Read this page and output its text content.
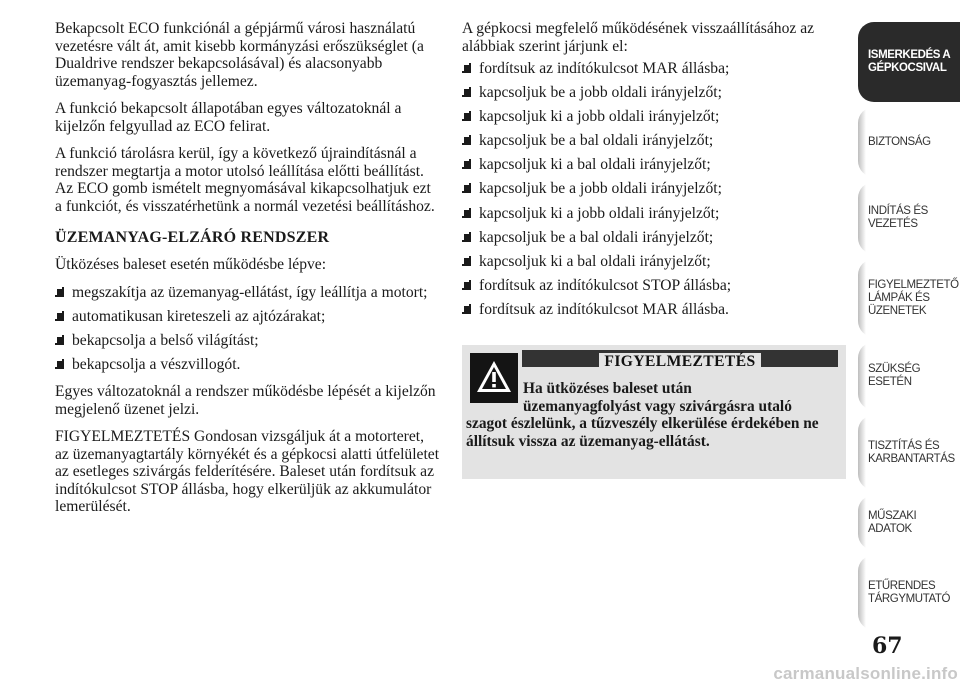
Bekapcsolt ECO funkciónál a gépjármű városi használatú vezetésre vált át, amit kisebb kormányzási erőszükséglet (a Dualdrive rendszer bekapcsolásával) és alacsonyabb üzemanyag-fogyasztás jellemez.

A funkció bekapcsolt állapotában egyes változatoknál a kijelzőn felgyullad az ECO felirat.

A funkció tárolásra kerül, így a következő újraindításnál a rendszer megtartja a motor utolsó leállítása előtti beállítást. Az ECO gomb ismételt megnyomásával kikapcsolhatjuk ezt a funkciót, és visszatérhetünk a normál vezetési beállításhoz.

ÜZEMANYAG-ELZÁRÓ RENDSZER

Ütközéses baleset esetén működésbe lépve:

megszakítja az üzemanyag-ellátást, így leállítja a motort;
automatikusan kireteszeli az ajtózárakat;
bekapcsolja a belső világítást;
bekapcsolja a vészvillogót.

Egyes változatoknál a rendszer működésbe lépését a kijelzőn megjelenő üzenet jelzi.

FIGYELMEZTETÉS Gondosan vizsgáljuk át a motorteret, az üzemanyagtartály környékét és a gépkocsi alatti útfelületet az esetleges szivárgás felderítésére. Baleset után fordítsuk az indítókulcsot STOP állásba, hogy elkerüljük az akkumulátor lemerülését.

A gépkocsi megfelelő működésének visszaállításához az alábbiak szerint járjunk el:

fordítsuk az indítókulcsot MAR állásba;
kapcsoljuk be a jobb oldali irányjelzőt;
kapcsoljuk ki a jobb oldali irányjelzőt;
kapcsoljuk be a bal oldali irányjelzőt;
kapcsoljuk ki a bal oldali irányjelzőt;
kapcsoljuk be a jobb oldali irányjelzőt;
kapcsoljuk ki a jobb oldali irányjelzőt;
kapcsoljuk be a bal oldali irányjelzőt;
kapcsoljuk ki a bal oldali irányjelzőt;
fordítsuk az indítókulcsot STOP állásba;
fordítsuk az indítókulcsot MAR állásba.
FIGYELMEZTETÉS
Ha ütközéses baleset után
üzemanyagfolyást vagy szivárgásra utaló
szagot észlelünk, a tűzveszély elkerülése érdekében ne állítsuk vissza az üzemanyag-ellátást.
ISMERKEDÉS A GÉPKOCSIVAL
BIZTONSÁG
INDÍTÁS ÉS VEZETÉS
FIGYELMEZTETŐ LÁMPÁK ÉS ÜZENETEK
SZÜKSÉG ESETÉN
TISZTÍTÁS ÉS KARBANTARTÁS
MŰSZAKI ADATOK
ETŰRENDES TÁRGYMUTATÓ
67
carmanualsonline.info
